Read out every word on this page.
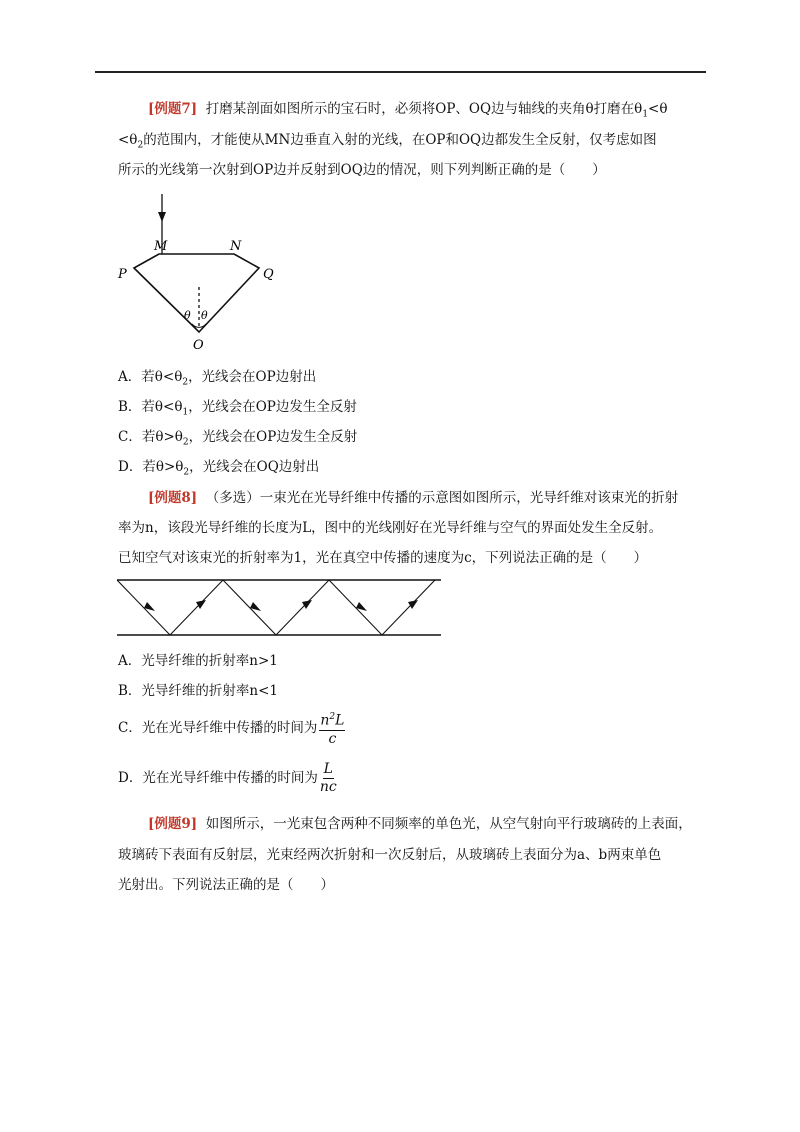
[例题7] 打磨某剖面如图所示的宝石时，必须将OP、OQ边与轴线的夹角θ打磨在$\theta_1<\theta$
$<\theta_2$的范围内，才能使从MN边垂直入射的光线，在OP和OQ边都发生全反射，仅考虑如图
所示的光线第一次射到OP边并反射到OQ边的情况，则下列判断正确的是（　　）
M	N
P	Q
O
θ θ
A．若$\theta<\theta_2$，光线会在OP边射出
B．若$\theta<\theta_1$，光线会在OP边发生全反射
C．若$\theta>\theta_2$，光线会在OP边发生全反射
D．若$\theta>\theta_2$，光线会在OQ边射出
[例题8] （多选）一束光在光导纤维中传播的示意图如图所示，光导纤维对该束光的折射
率为n，该段光导纤维的长度为L，图中的光线刚好在光导纤维与空气的界面处发生全反射。
已知空气对该束光的折射率为1，光在真空中传播的速度为c，下列说法正确的是（　　）
A．光导纤维的折射率n>1
B．光导纤维的折射率n<1
C．光在光导纤维中传播的时间为 $\frac{n^2L}{c}$
D．光在光导纤维中传播的时间为 $\frac{L}{nc}$
[例题9] 如图所示，一光束包含两种不同频率的单色光，从空气射向平行玻璃砖的上表面，
玻璃砖下表面有反射层，光束经两次折射和一次反射后，从玻璃砖上表面分为a、b两束单色
光射出。下列说法正确的是（　　）
